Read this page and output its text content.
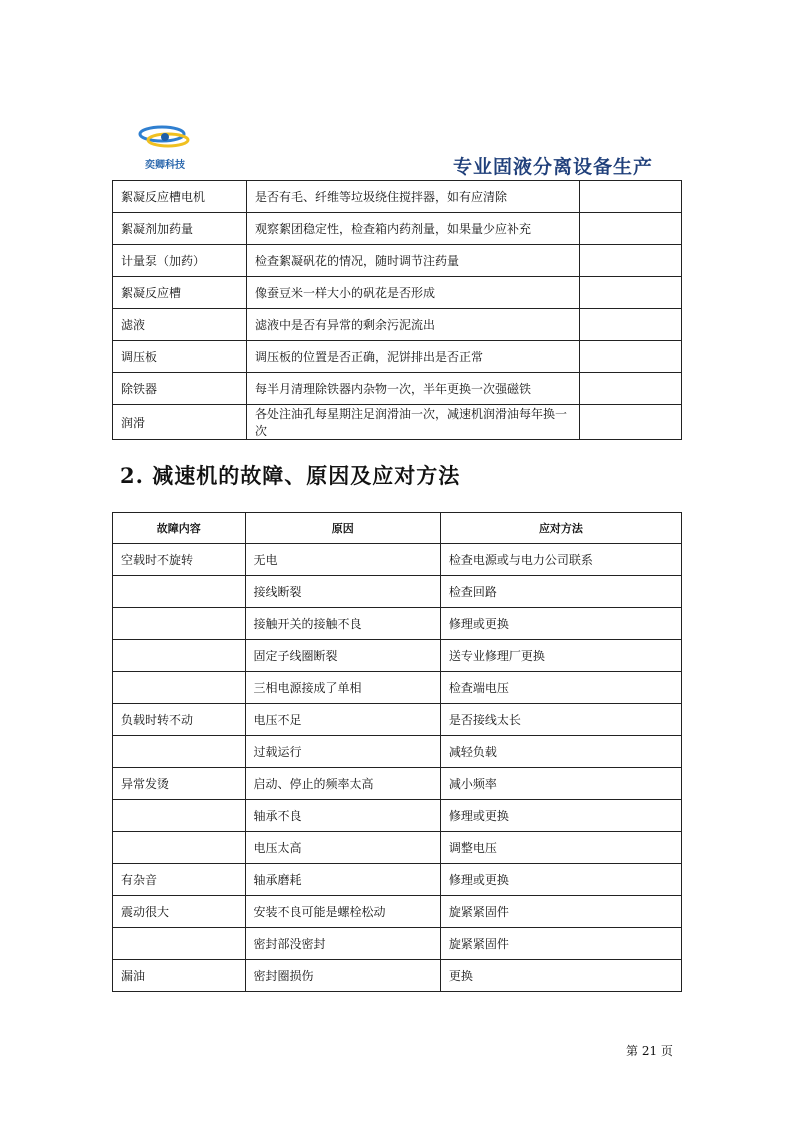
奕卿科技	专业固液分离设备生产
絮凝反应槽电机	是否有毛、纤维等垃圾绕住搅拌器，如有应清除	
絮凝剂加药量	观察絮团稳定性，检查箱内药剂量，如果量少应补充	
计量泵（加药）	检查絮凝矾花的情况，随时调节注药量	
絮凝反应槽	像蚕豆米一样大小的矾花是否形成	
滤液	滤液中是否有异常的剩余污泥流出	
调压板	调压板的位置是否正确，泥饼排出是否正常	
除铁器	每半月清理除铁器内杂物一次，半年更换一次强磁铁	
润滑	各处注油孔每星期注足润滑油一次，减速机润滑油每年换一次	
2. 减速机的故障、原因及应对方法
故障内容	原因	应对方法
空载时不旋转	无电	检查电源或与电力公司联系
	接线断裂	检查回路
	接触开关的接触不良	修理或更换
	固定子线圈断裂	送专业修理厂更换
	三相电源接成了单相	检查端电压
负载时转不动	电压不足	是否接线太长
	过载运行	减轻负载
异常发烫	启动、停止的频率太高	减小频率
	轴承不良	修理或更换
	电压太高	调整电压
有杂音	轴承磨耗	修理或更换
震动很大	安装不良可能是螺栓松动	旋紧紧固件
	密封部没密封	旋紧紧固件
漏油	密封圈损伤	更换
第 21 页
